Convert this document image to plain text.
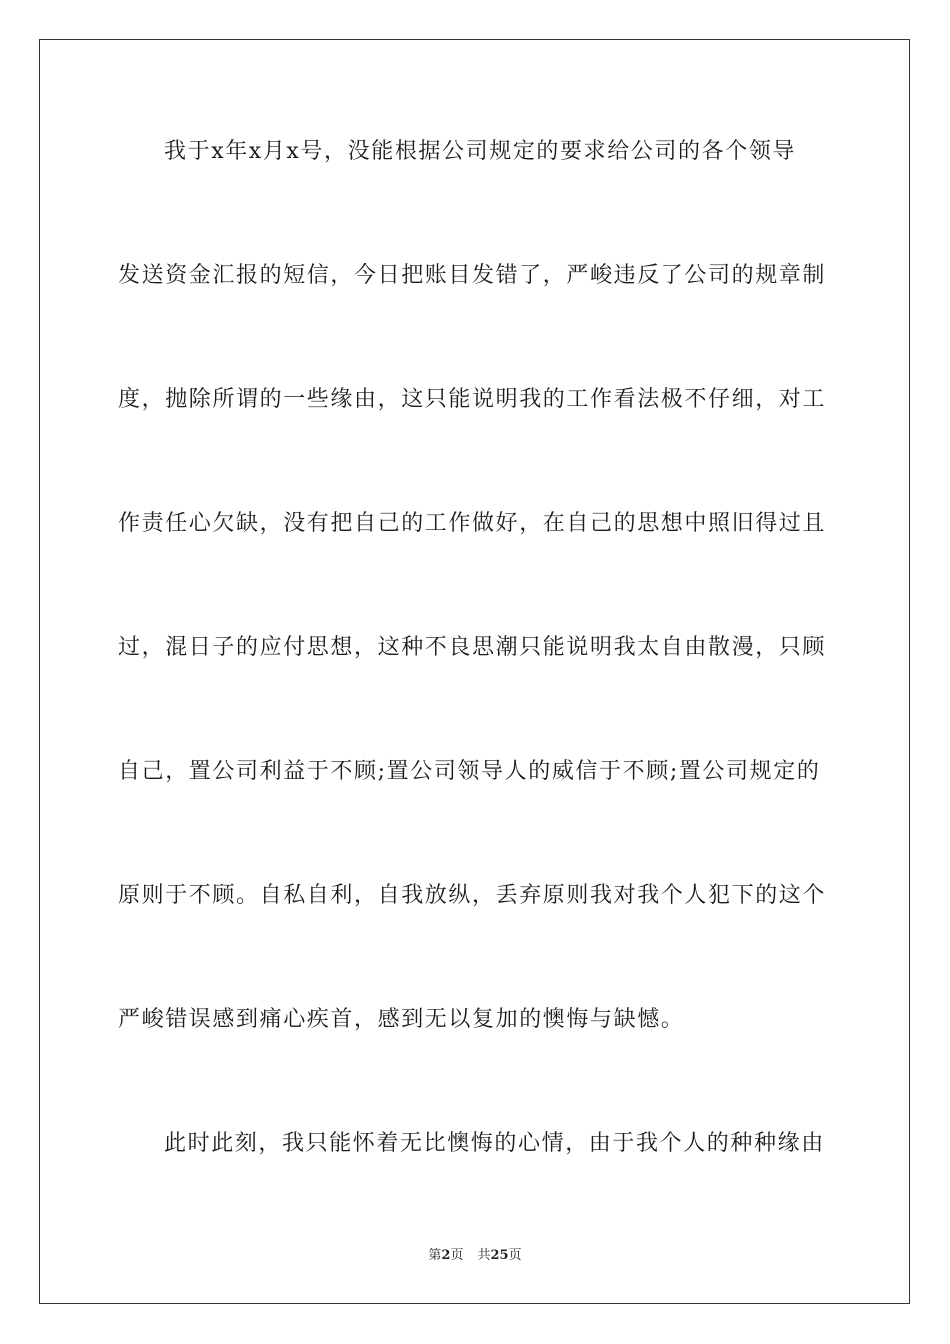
我于x年x月x号，没能根据公司规定的要求给公司的各个领导
发送资金汇报的短信，今日把账目发错了，严峻违反了公司的规章制
度，抛除所谓的一些缘由，这只能说明我的工作看法极不仔细，对工
作责任心欠缺，没有把自己的工作做好，在自己的思想中照旧得过且
过，混日子的应付思想，这种不良思潮只能说明我太自由散漫，只顾
自己，置公司利益于不顾;置公司领导人的威信于不顾;置公司规定的
原则于不顾。自私自利，自我放纵，丢弃原则我对我个人犯下的这个
严峻错误感到痛心疾首，感到无以复加的懊悔与缺憾。
此时此刻，我只能怀着无比懊悔的心情，由于我个人的种种缘由
第2页 共25页
